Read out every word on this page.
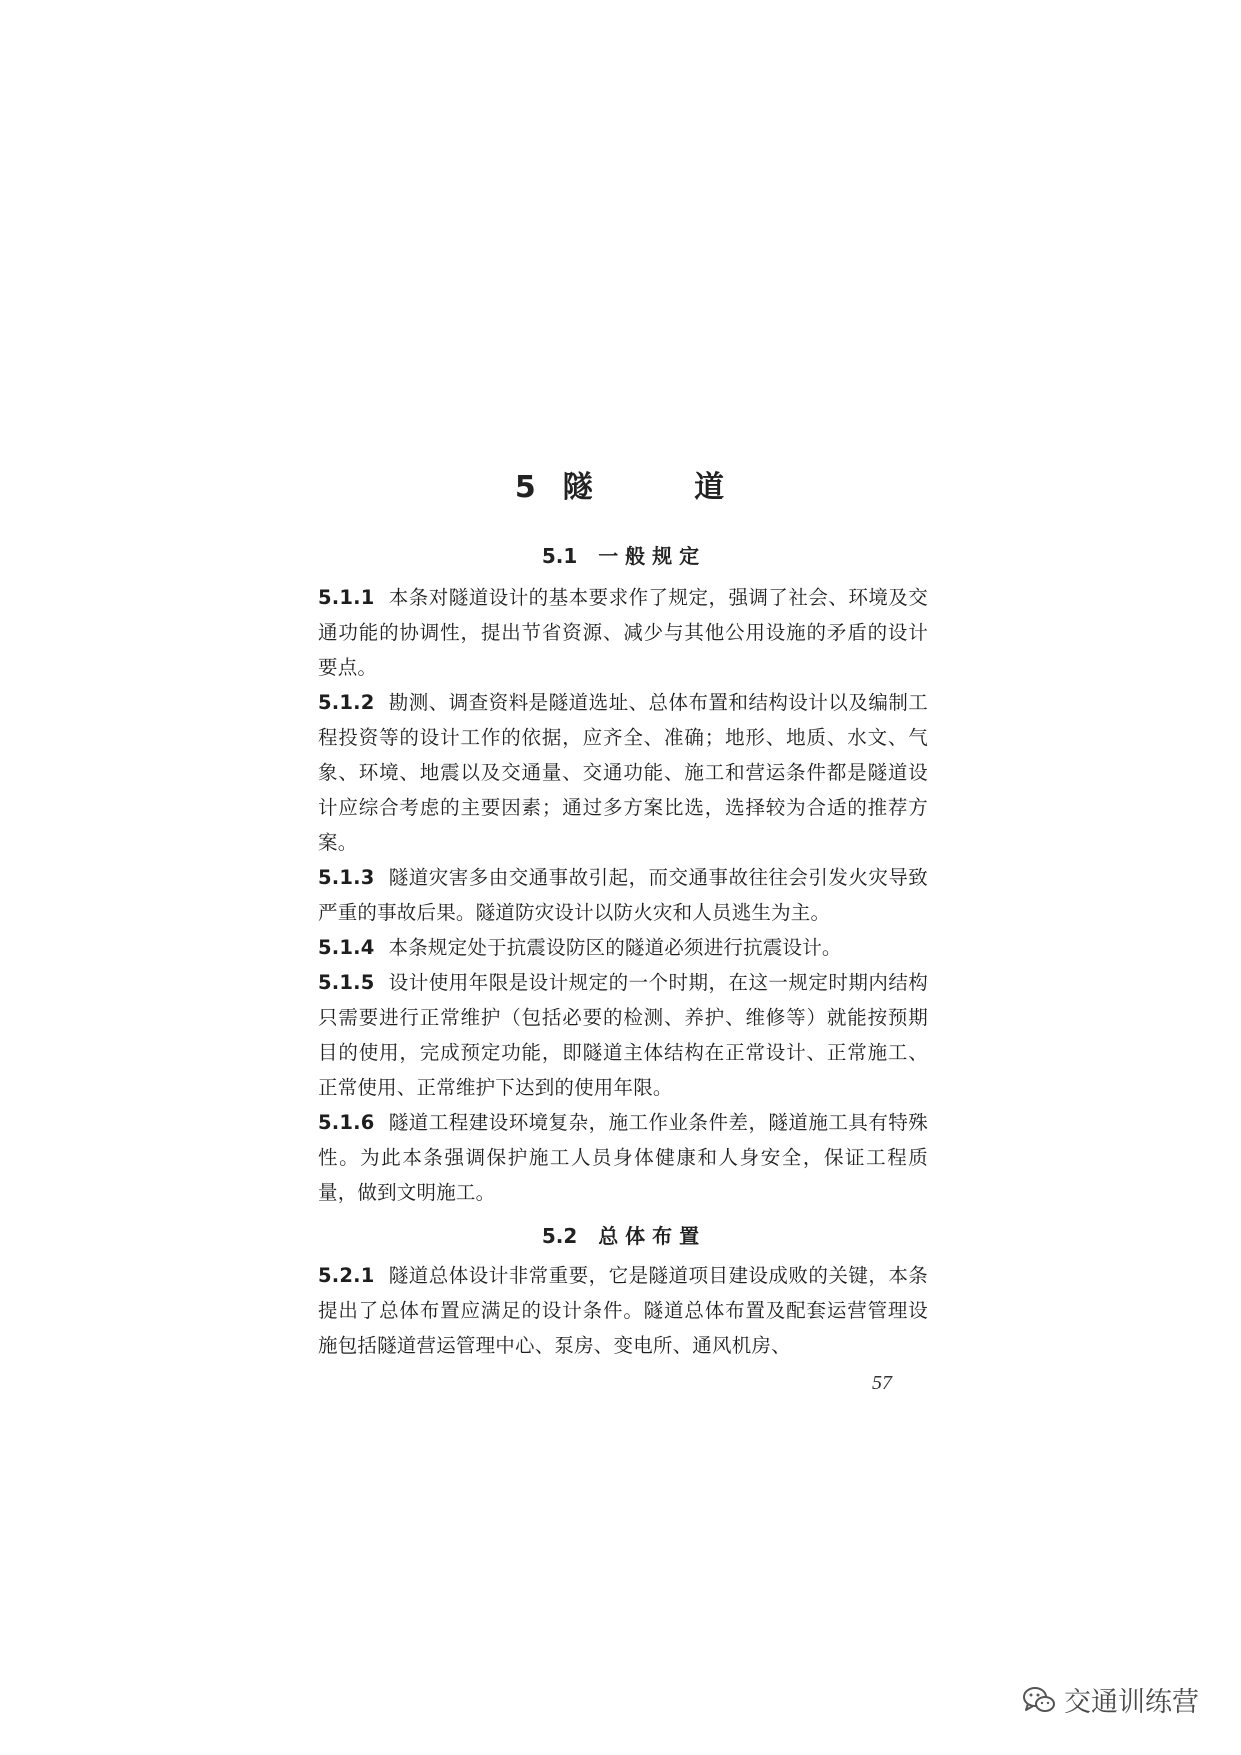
5  隧        道
5.1   一 般 规 定

5.1.1 本条对隧道设计的基本要求作了规定，强调了社会、环境及交通功能的协调性，提出节省资源、减少与其他公用设施的矛盾的设计要点。

5.1.2 勘测、调查资料是隧道选址、总体布置和结构设计以及编制工程投资等的设计工作的依据，应齐全、准确；地形、地质、水文、气象、环境、地震以及交通量、交通功能、施工和营运条件都是隧道设计应综合考虑的主要因素；通过多方案比选，选择较为合适的推荐方案。

5.1.3 隧道灾害多由交通事故引起，而交通事故往往会引发火灾导致严重的事故后果。隧道防灾设计以防火灾和人员逃生为主。

5.1.4 本条规定处于抗震设防区的隧道必须进行抗震设计。

5.1.5 设计使用年限是设计规定的一个时期，在这一规定时期内结构只需要进行正常维护（包括必要的检测、养护、维修等）就能按预期目的使用，完成预定功能，即隧道主体结构在正常设计、正常施工、正常使用、正常维护下达到的使用年限。

5.1.6 隧道工程建设环境复杂，施工作业条件差，隧道施工具有特殊性。为此本条强调保护施工人员身体健康和人身安全，保证工程质量，做到文明施工。

5.2   总 体 布 置

5.2.1 隧道总体设计非常重要，它是隧道项目建设成败的关键，本条提出了总体布置应满足的设计条件。隧道总体布置及配套运营管理设施包括隧道营运管理中心、泵房、变电所、通风机房、

57
交通训练营
